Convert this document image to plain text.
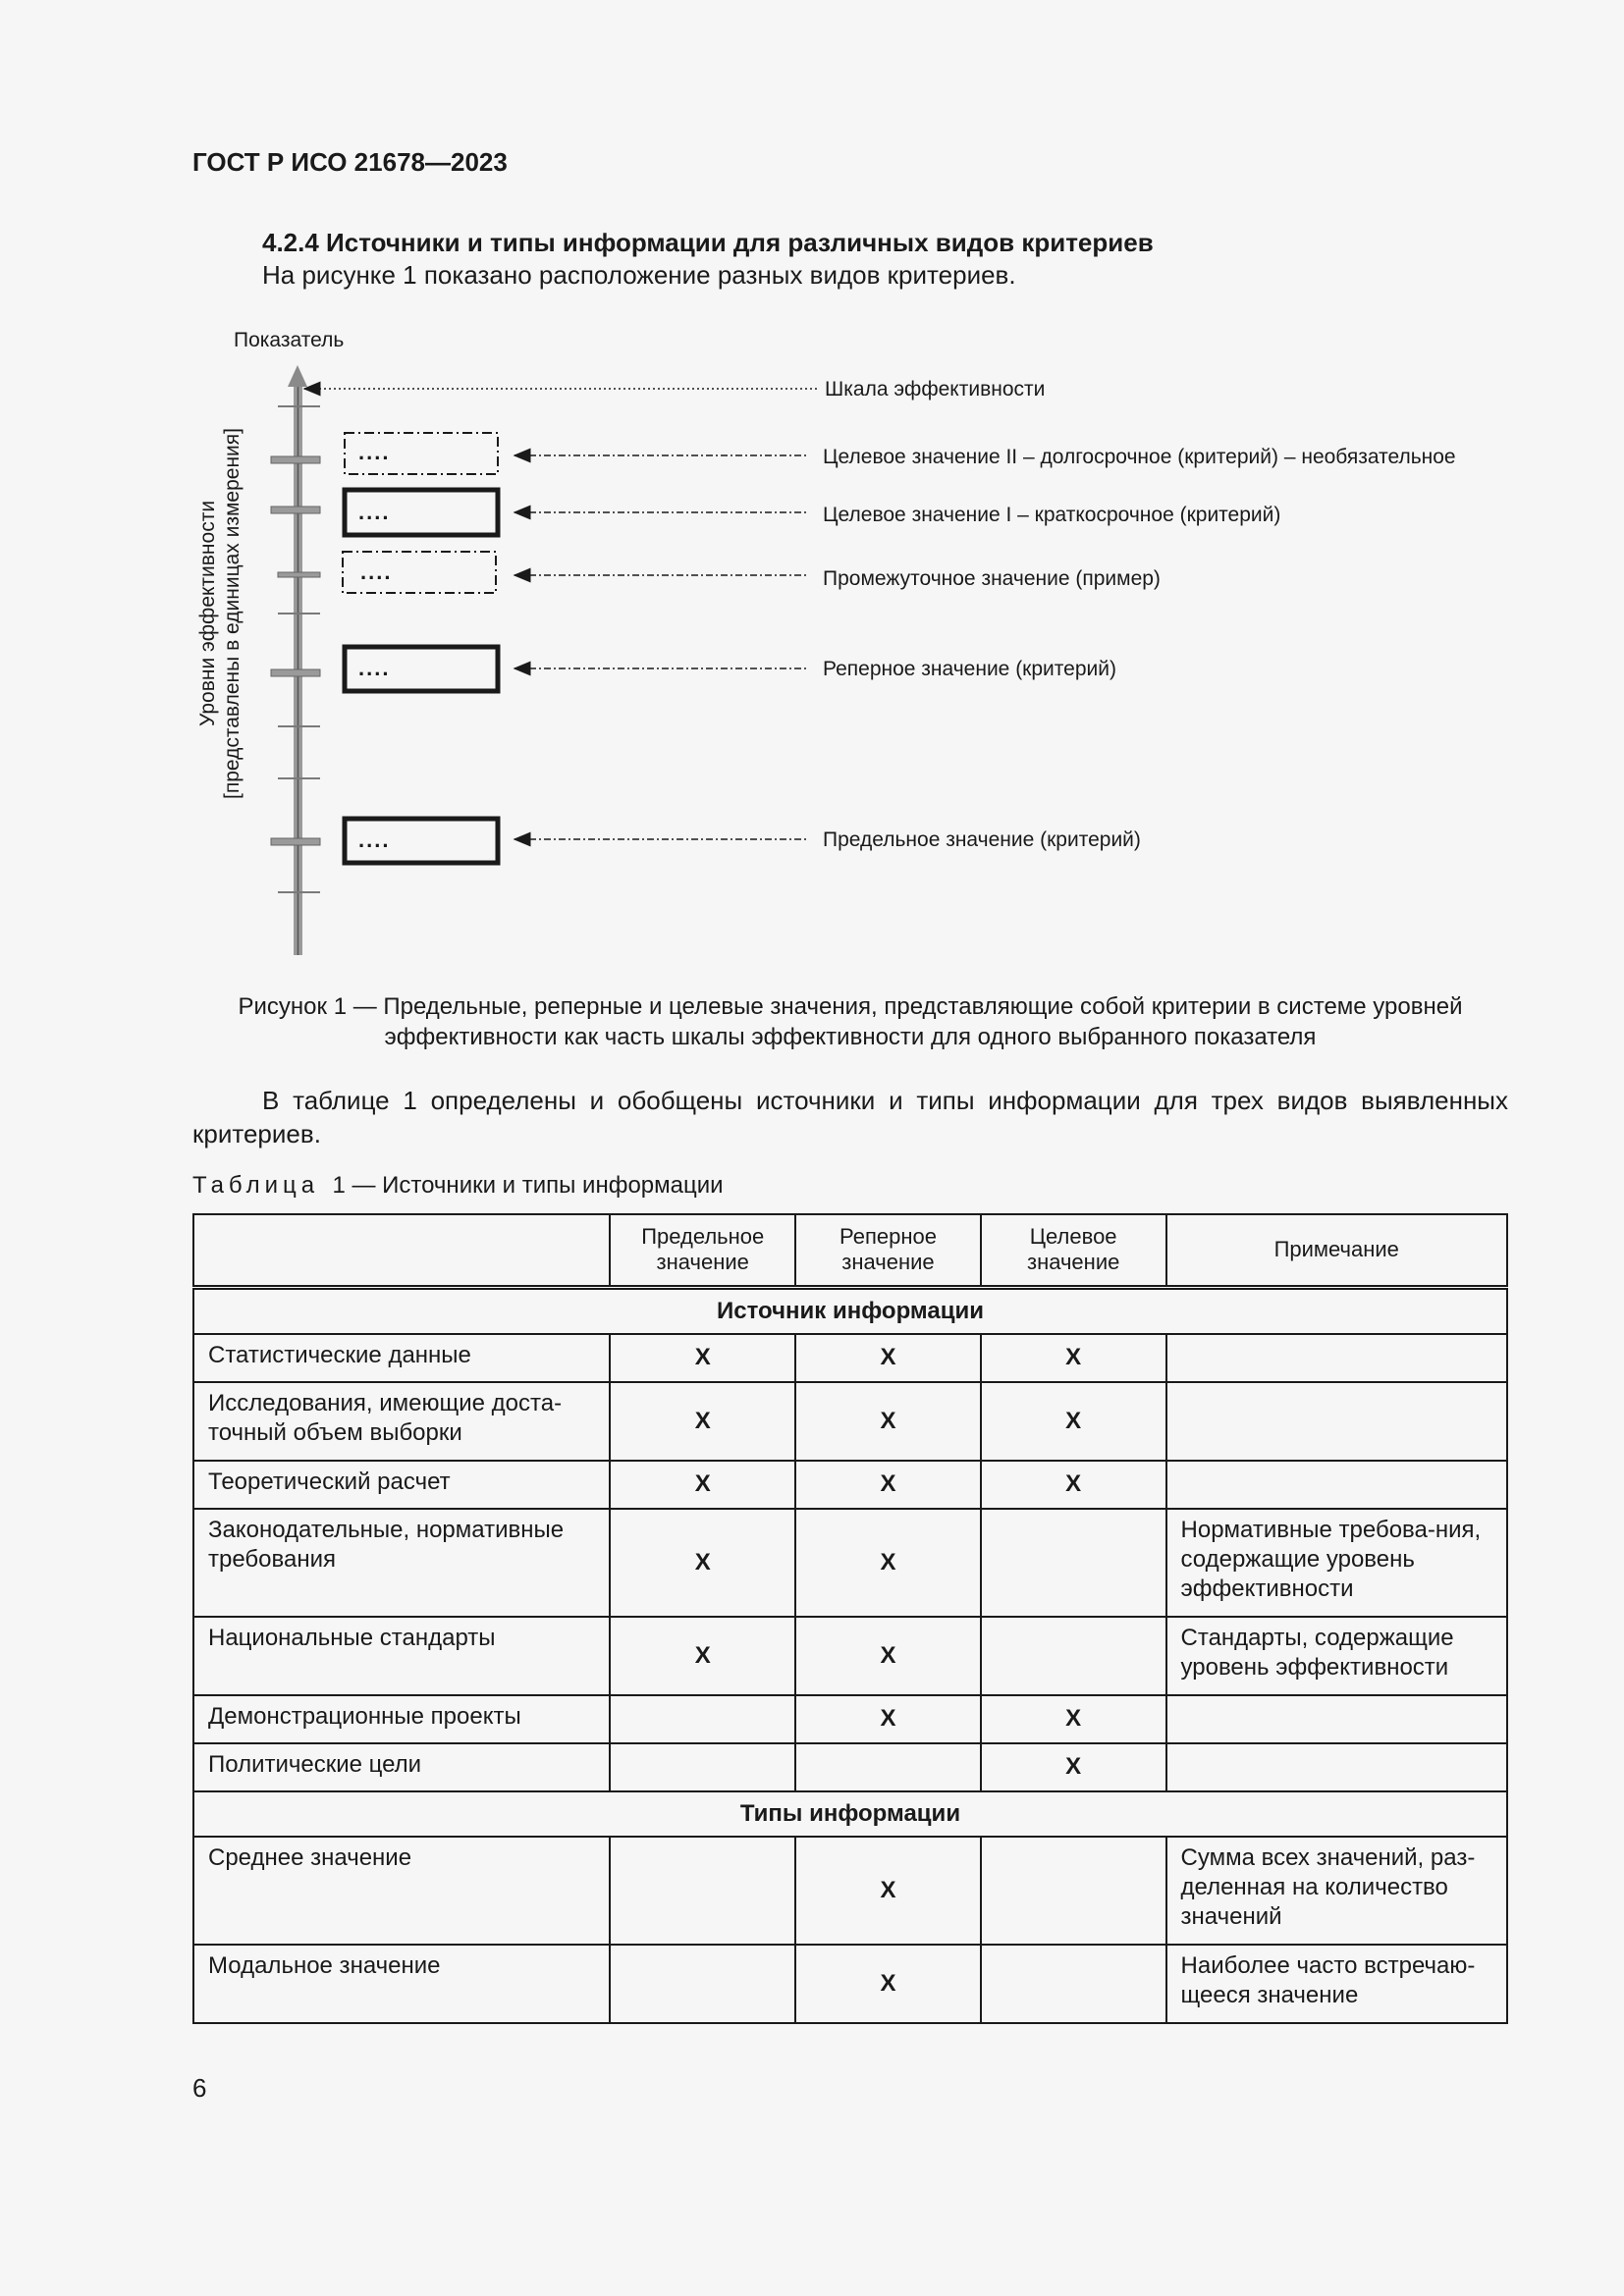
ГОСТ Р ИСО 21678—2023
4.2.4 Источники и типы информации для различных видов критериев
На рисунке 1 показано расположение разных видов критериев.
Показатель
Уровни эффективности [представлены в единицах измерения]
Шкала эффективности
....	Целевое значение II – долгосрочное (критерий) – необязательное
....	Целевое значение I – краткосрочное (критерий)
....	Промежуточное значение (пример)
....	Реперное значение (критерий)
....	Предельное значение (критерий)
Рисунок 1 — Предельные, реперные и целевые значения, представляющие собой критерии в системе уровней
эффективности как часть шкалы эффективности для одного выбранного показателя
В таблице 1 определены и обобщены источники и типы информации для трех видов выявленных критериев.
Таблица 1 — Источники и типы информации
	Предельное значение	Реперное значение	Целевое значение	Примечание
Источник информации				
Статистические данные	X	X	X	
Исследования, имеющие доста-точный объем выборки	X	X	X	
Теоретический расчет	X	X	X	
Законодательные, нормативные требования	X	X		Нормативные требова-ния, содержащие уровень эффективности
Национальные стандарты	X	X		Стандарты, содержащие уровень эффективности
Демонстрационные проекты		X	X	
Политические цели			X	
Типы информации				
Среднее значение		X		Сумма всех значений, раз-деленная на количество значений
Модальное значение		X		Наиболее часто встречаю-щееся значение
6
